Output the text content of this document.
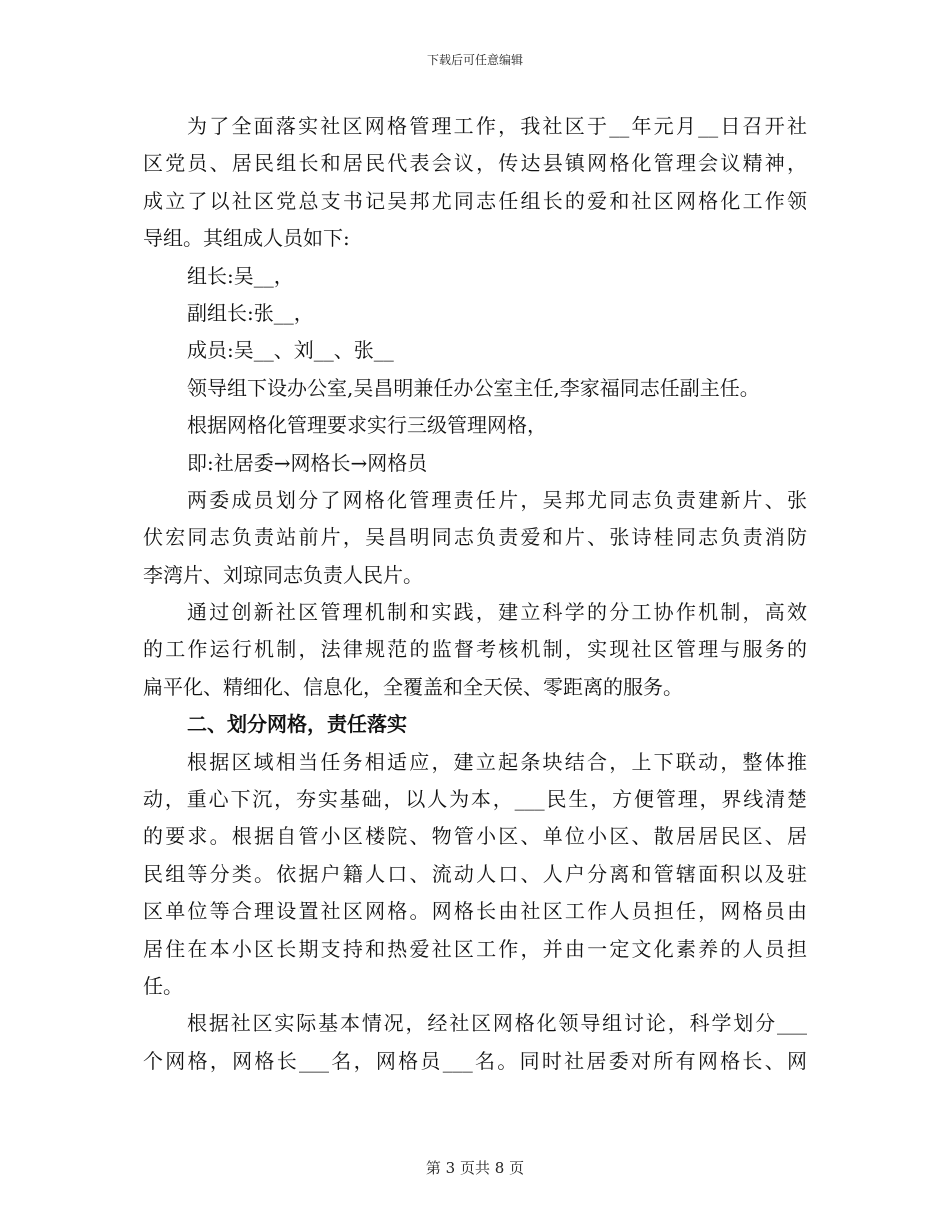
下载后可任意编辑
为了全面落实社区网格管理工作，我社区于__年元月__日召开社
区党员、居民组长和居民代表会议，传达县镇网格化管理会议精神，
成立了以社区党总支书记吴邦尤同志任组长的爱和社区网格化工作领
导组。其组成人员如下:
组长:吴__，
副组长:张__，
成员:吴__、刘__、张__
领导组下设办公室,吴昌明兼任办公室主任,李家福同志任副主任。
根据网格化管理要求实行三级管理网格，
即:社居委→网格长→网格员
两委成员划分了网格化管理责任片，吴邦尤同志负责建新片、张
伏宏同志负责站前片，吴昌明同志负责爱和片、张诗桂同志负责消防
李湾片、刘琼同志负责人民片。
通过创新社区管理机制和实践，建立科学的分工协作机制，高效
的工作运行机制，法律规范的监督考核机制，实现社区管理与服务的
扁平化、精细化、信息化，全覆盖和全天侯、零距离的服务。
二、划分网格，责任落实
根据区域相当任务相适应，建立起条块结合，上下联动，整体推
动，重心下沉，夯实基础，以人为本，___民生，方便管理，界线清楚
的要求。根据自管小区楼院、物管小区、单位小区、散居居民区、居
民组等分类。依据户籍人口、流动人口、人户分离和管辖面积以及驻
区单位等合理设置社区网格。网格长由社区工作人员担任，网格员由
居住在本小区长期支持和热爱社区工作，并由一定文化素养的人员担
任。
根据社区实际基本情况，经社区网格化领导组讨论，科学划分___
个网格，网格长___名，网格员___名。同时社居委对所有网格长、网
第 3 页共 8 页
